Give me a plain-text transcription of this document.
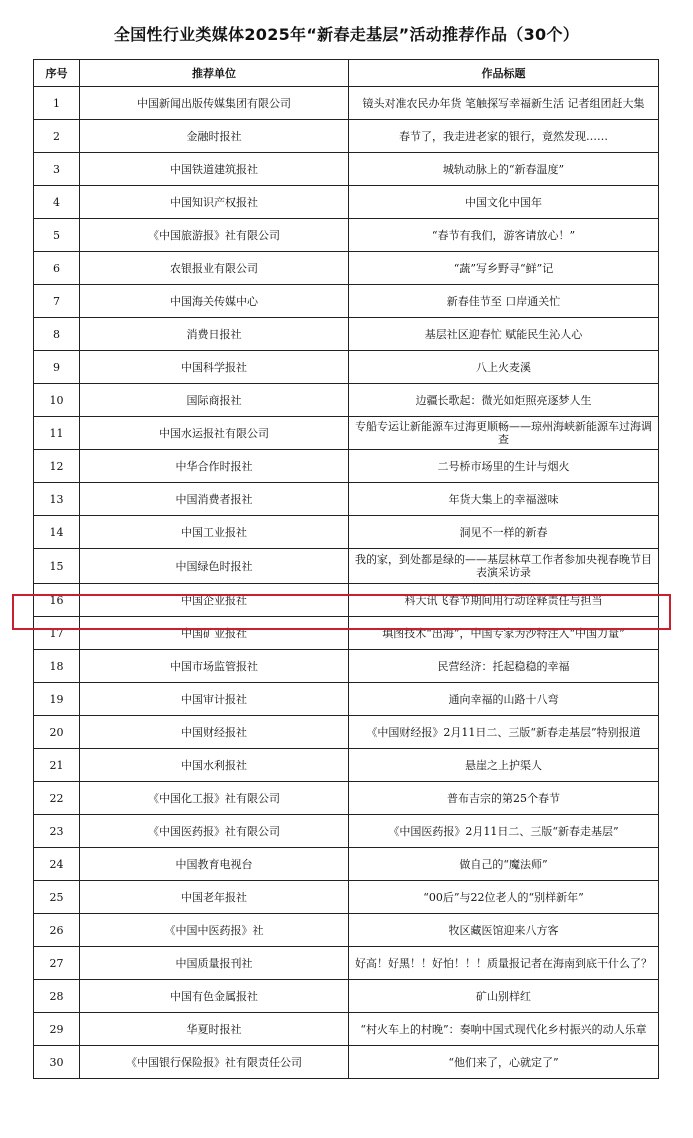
全国性行业类媒体2025年“新春走基层”活动推荐作品（30个）
序号	推荐单位	作品标题
1	中国新闻出版传媒集团有限公司	镜头对准农民办年货 笔触探写幸福新生活 记者组团赶大集
2	金融时报社	春节了，我走进老家的银行，竟然发现……
3	中国铁道建筑报社	城轨动脉上的“新春温度”
4	中国知识产权报社	中国文化中国年
5	《中国旅游报》社有限公司	“春节有我们，游客请放心！”
6	农银报业有限公司	“蔬”写乡野寻“鲜”记
7	中国海关传媒中心	新春佳节至 口岸通关忙
8	消费日报社	基层社区迎春忙 赋能民生沁人心
9	中国科学报社	八上火麦溪
10	国际商报社	边疆长歌起：微光如炬照亮逐梦人生
11	中国水运报社有限公司	专船专运让新能源车过海更顺畅——琼州海峡新能源车过海调查
12	中华合作时报社	二号桥市场里的生计与烟火
13	中国消费者报社	年货大集上的幸福滋味
14	中国工业报社	洞见不一样的新春
15	中国绿色时报社	我的家，到处都是绿的——基层林草工作者参加央视春晚节目表演采访录
16	中国企业报社	科大讯飞春节期间用行动诠释责任与担当
17	中国矿业报社	填图技术“出海”，中国专家为沙特注入“中国力量”
18	中国市场监管报社	民营经济：托起稳稳的幸福
19	中国审计报社	通向幸福的山路十八弯
20	中国财经报社	《中国财经报》2月11日二、三版“新春走基层”特别报道
21	中国水利报社	悬崖之上护渠人
22	《中国化工报》社有限公司	普布吉宗的第25个春节
23	《中国医药报》社有限公司	《中国医药报》2月11日二、三版“新春走基层”
24	中国教育电视台	做自己的“魔法师”
25	中国老年报社	“00后”与22位老人的“别样新年”
26	《中国中医药报》社	牧区藏医馆迎来八方客
27	中国质量报刊社	好高！好黑！！好怕！！！质量报记者在海南到底干什么了？
28	中国有色金属报社	矿山别样红
29	华夏时报社	“村火车上的村晚”：奏响中国式现代化乡村振兴的动人乐章
30	《中国银行保险报》社有限责任公司	“他们来了，心就定了”
